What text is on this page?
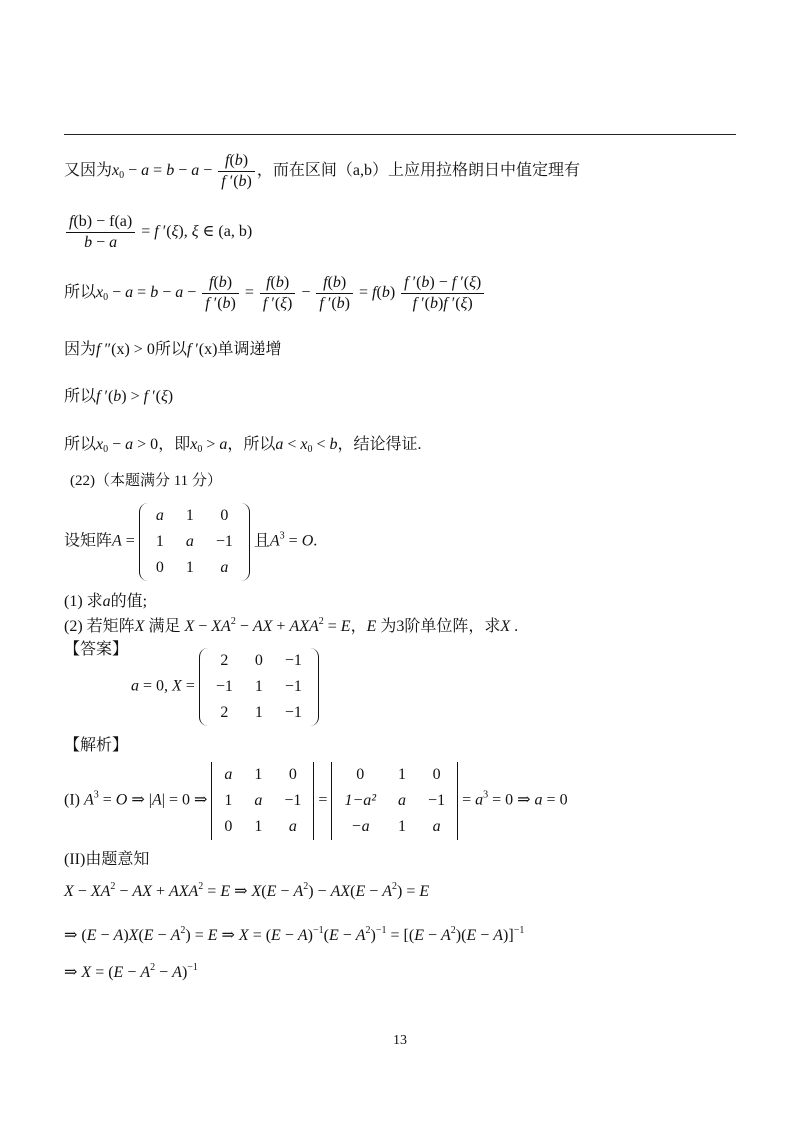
又因为$x_0 - a = b - a - \frac{f(b)}{f '(b)}$ ，而在区间（a,b）上应用拉格朗日中值定理有
$\frac{f(b) - f(a)}{b - a} = f$ ′(ξ), ξ ∈ (a, b)
所以$x_0 - a = b - a - \frac{f(b)}{f '(b)} = \frac{f(b)}{f '(\xi)} - \frac{f(b)}{f '(b)} = f(b) \frac{f '(b) - f '(\xi)}{f '(b)f '(\xi)}$
因为f ″(x) > 0所以f ′(x)单调递增
所以f ′(b) > f ′(ξ)
所以$x_0 - a > 0$，即$x_0 > a$，所以$a < x_0 < b$，结论得证.
(22)（本题满分 11 分）
设矩阵A =
a 1 0
1 a −1
0 1 a
且$A^3 = O$.
(1) 求a的值;
(2) 若矩阵X 满足 $X - XA^2$ − AX + $AXA^2 = E$，E 为3阶单位阵，求X .
【答案】
a = 0, X =
2 0 −1
−1 1 −1
2 1 −1
【解析】
(I) $A^3 = O$ ⇒ |A| = 0 ⇒
a 1 0
1 a −1
0 1 a
=
0	1 0
1−a² a −1
−a	1 a
= $a^3 = 0$ ⇒ a = 0
(II)由题意知
$X - XA^2$ − AX + $AXA^2 = E$ ⇒ $X(E - A^2) - AX(E - A^2) = E$
⇒ $(E - A)X(E - A^2) = E$ ⇒ $X = (E - A)^{-1}(E - A^2)^{-1} = [(E - A^2)(E - A)]^{-1}$
⇒ $X = (E - A^2 - A)^{-1}$
13
